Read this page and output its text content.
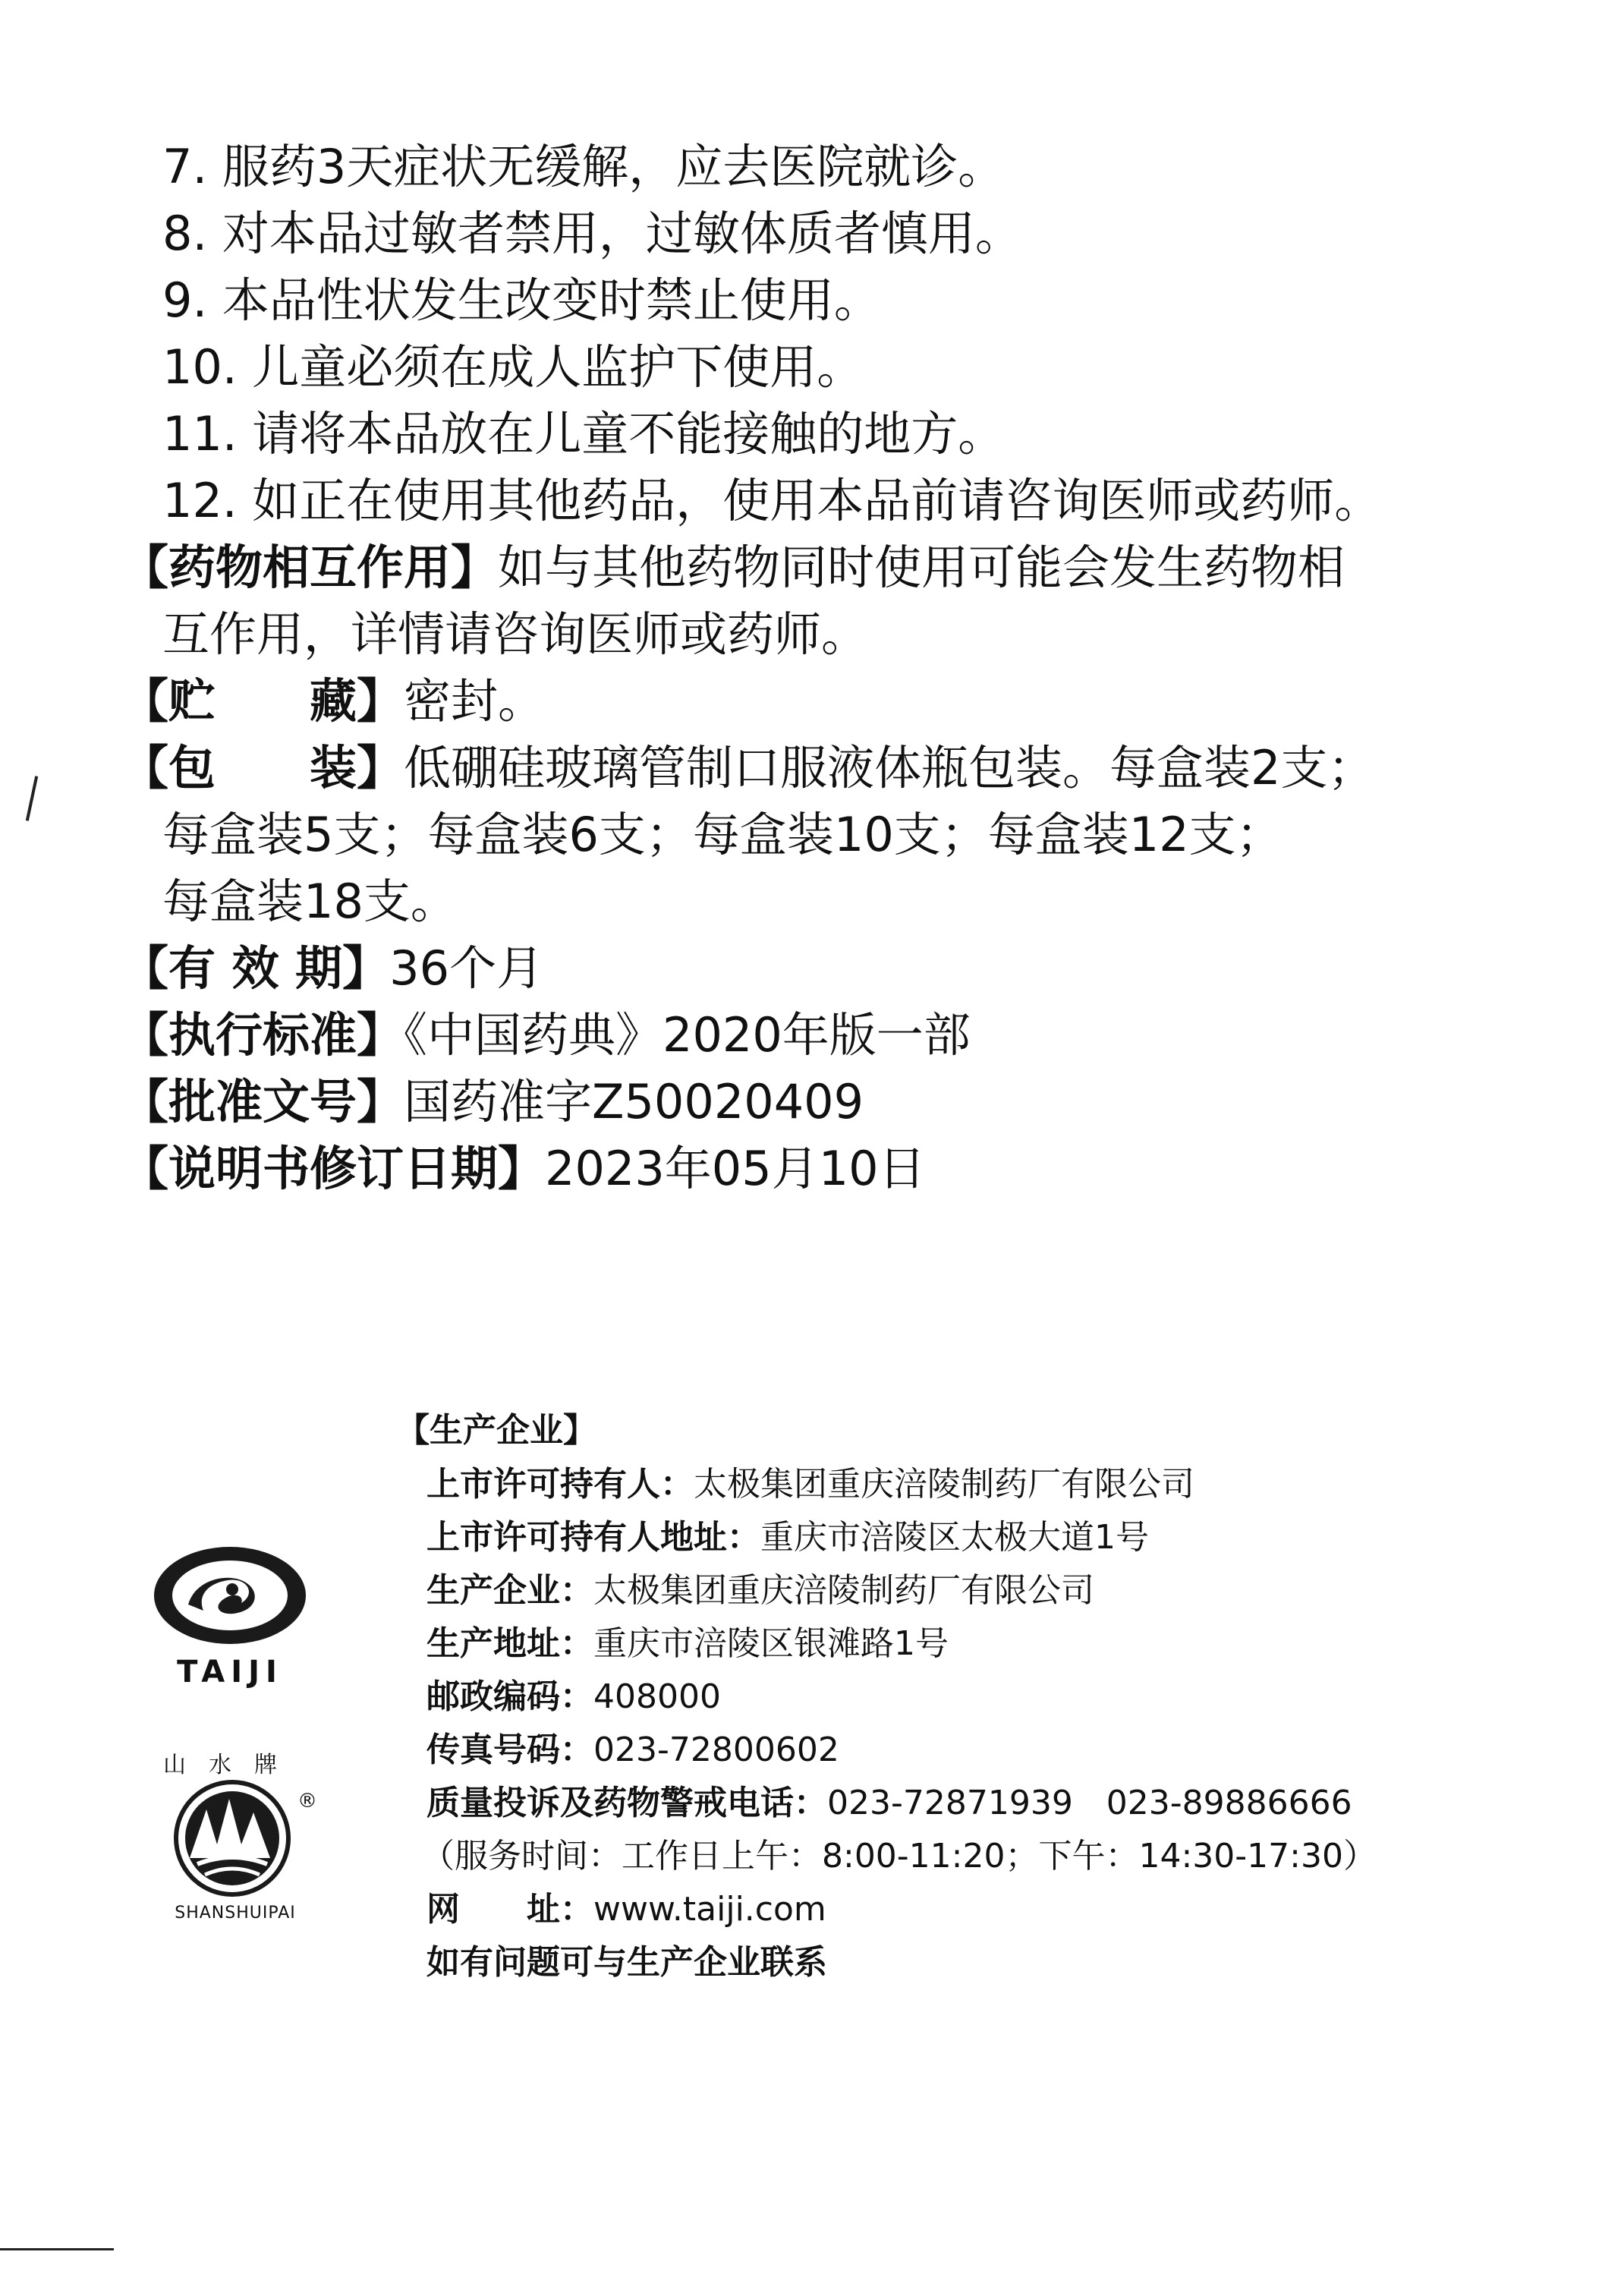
7. 服药3天症状无缓解，应去医院就诊。
8. 对本品过敏者禁用，过敏体质者慎用。
9. 本品性状发生改变时禁止使用。
10. 儿童必须在成人监护下使用。
11. 请将本品放在儿童不能接触的地方。
12. 如正在使用其他药品，使用本品前请咨询医师或药师。
【药物相互作用】如与其他药物同时使用可能会发生药物相
互作用，详情请咨询医师或药师。
【贮　　藏】密封。
【包　　装】低硼硅玻璃管制口服液体瓶包装。每盒装2支；
每盒装5支；每盒装6支；每盒装10支；每盒装12支；
每盒装18支。
【有 效 期】36个月
【执行标准】《中国药典》2020年版一部
【批准文号】国药准字Z50020409
【说明书修订日期】2023年05月10日
【生产企业】
上市许可持有人：太极集团重庆涪陵制药厂有限公司
上市许可持有人地址：重庆市涪陵区太极大道1号
生产企业：太极集团重庆涪陵制药厂有限公司
生产地址：重庆市涪陵区银滩路1号
邮政编码：408000
传真号码：023-72800602
质量投诉及药物警戒电话：023-72871939　023-89886666
（服务时间：工作日上午：8:00-11:20；下午：14:30-17:30）
网　　址：www.taiji.com
如有问题可与生产企业联系
TAIJI
山水牌
®
SHANSHUIPAI
